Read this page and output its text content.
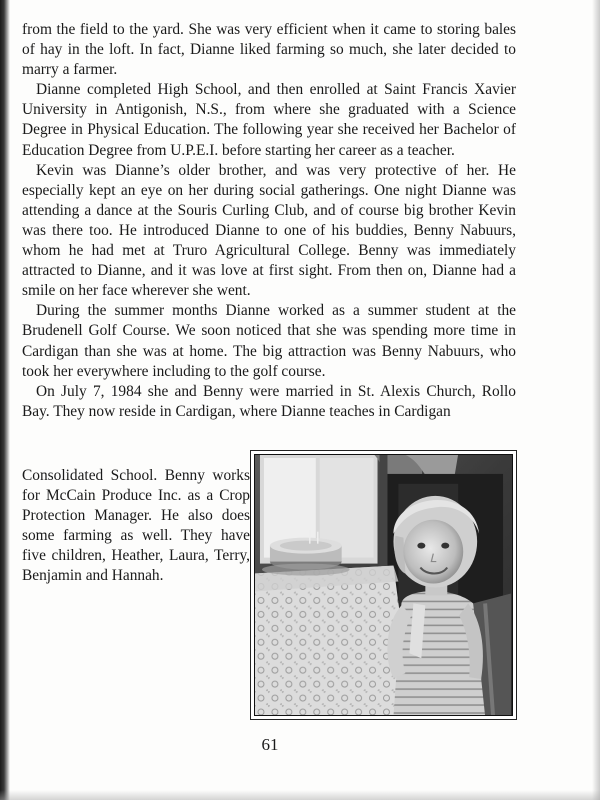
from the field to the yard. She was very efficient when it came to storing bales of hay in the loft. In fact, Dianne liked farming so much, she later decided to marry a farmer.

Dianne completed High School, and then enrolled at Saint Francis Xavier University in Antigonish, N.S., from where she graduated with a Science Degree in Physical Education. The following year she received her Bachelor of Education Degree from U.P.E.I. before starting her career as a teacher.

Kevin was Dianne’s older brother, and was very protective of her. He especially kept an eye on her during social gatherings. One night Dianne was attending a dance at the Souris Curling Club, and of course big brother Kevin was there too. He introduced Dianne to one of his buddies, Benny Nabuurs, whom he had met at Truro Agricultural College. Benny was immediately attracted to Dianne, and it was love at first sight. From then on, Dianne had a smile on her face wherever she went.

During the summer months Dianne worked as a summer student at the Brudenell Golf Course. We soon noticed that she was spending more time in Cardigan than she was at home. The big attraction was Benny Nabuurs, who took her everywhere including to the golf course.

On July 7, 1984 she and Benny were married in St. Alexis Church, Rollo Bay. They now reside in Cardigan, where Dianne teaches in Cardigan

Consolidated School. Benny works for McCain Produce Inc. as a Crop Protection Manager. He also does some farming as well. They have five children, Heather, Laura, Terry, Benjamin and Hannah.

61
